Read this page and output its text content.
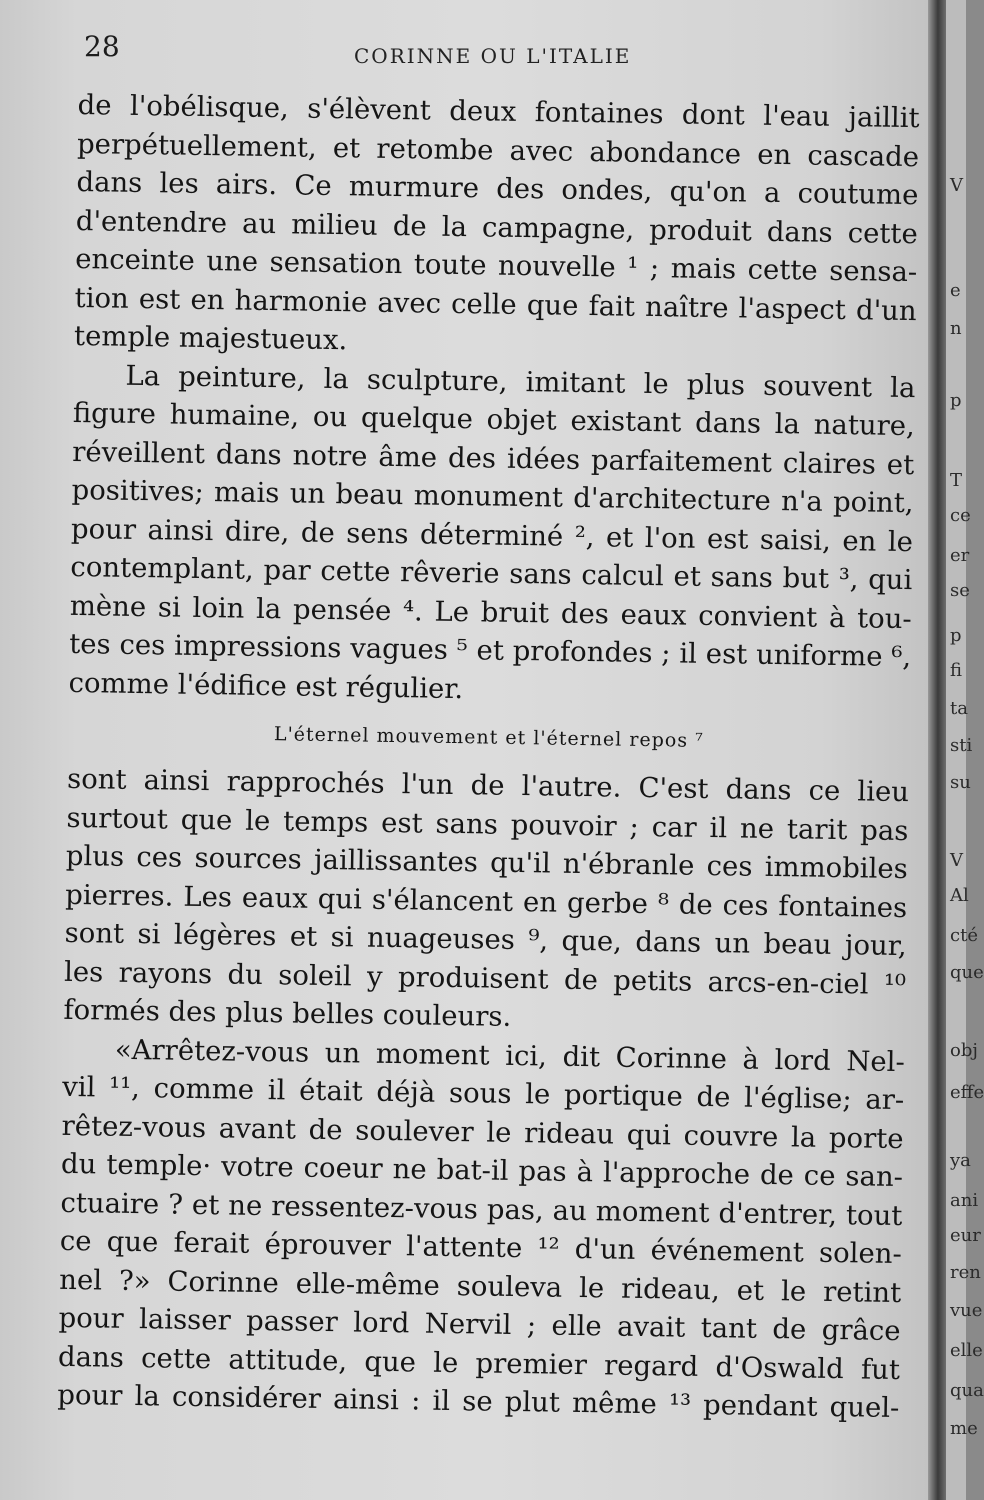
28	CORINNE OU L'ITALIE
de l'obélisque, s'élèvent deux fontaines dont l'eau jaillit
perpétuellement, et retombe avec abondance en cascade
dans les airs. Ce murmure des ondes, qu'on a coutume
d'entendre au milieu de la campagne, produit dans cette
enceinte une sensation toute nouvelle ¹ ; mais cette sensa-
tion est en harmonie avec celle que fait naître l'aspect d'un
temple majestueux.
La peinture, la sculpture, imitant le plus souvent la
figure humaine, ou quelque objet existant dans la nature,
réveillent dans notre âme des idées parfaitement claires et
positives; mais un beau monument d'architecture n'a point,
pour ainsi dire, de sens déterminé ², et l'on est saisi, en le
contemplant, par cette rêverie sans calcul et sans but ³, qui
mène si loin la pensée ⁴. Le bruit des eaux convient à tou-
tes ces impressions vagues ⁵ et profondes ; il est uniforme ⁶,
comme l'édifice est régulier.
L'éternel mouvement et l'éternel repos ⁷
sont ainsi rapprochés l'un de l'autre. C'est dans ce lieu
surtout que le temps est sans pouvoir ; car il ne tarit pas
plus ces sources jaillissantes qu'il n'ébranle ces immobiles
pierres. Les eaux qui s'élancent en gerbe ⁸ de ces fontaines
sont si légères et si nuageuses ⁹, que, dans un beau jour,
les rayons du soleil y produisent de petits arcs-en-ciel ¹⁰
formés des plus belles couleurs.
«Arrêtez-vous un moment ici, dit Corinne à lord Nel-
vil ¹¹, comme il était déjà sous le portique de l'église; ar-
rêtez-vous avant de soulever le rideau qui couvre la porte
du temple· votre coeur ne bat-il pas à l'approche de ce san-
ctuaire ? et ne ressentez-vous pas, au moment d'entrer, tout
ce que ferait éprouver l'attente ¹² d'un événement solen-
nel ?» Corinne elle-même souleva le rideau, et le retint
pour laisser passer lord Nervil ; elle avait tant de grâce
dans cette attitude, que le premier regard d'Oswald fut
pour la considérer ainsi : il se plut même ¹³ pendant quel-
V
e
n
p
T
ce
er
se
p
fi
ta
sti
su
V
Al
cté
que
obj
effe
ya
ani
eur
ren
vue
elle
qua
me
